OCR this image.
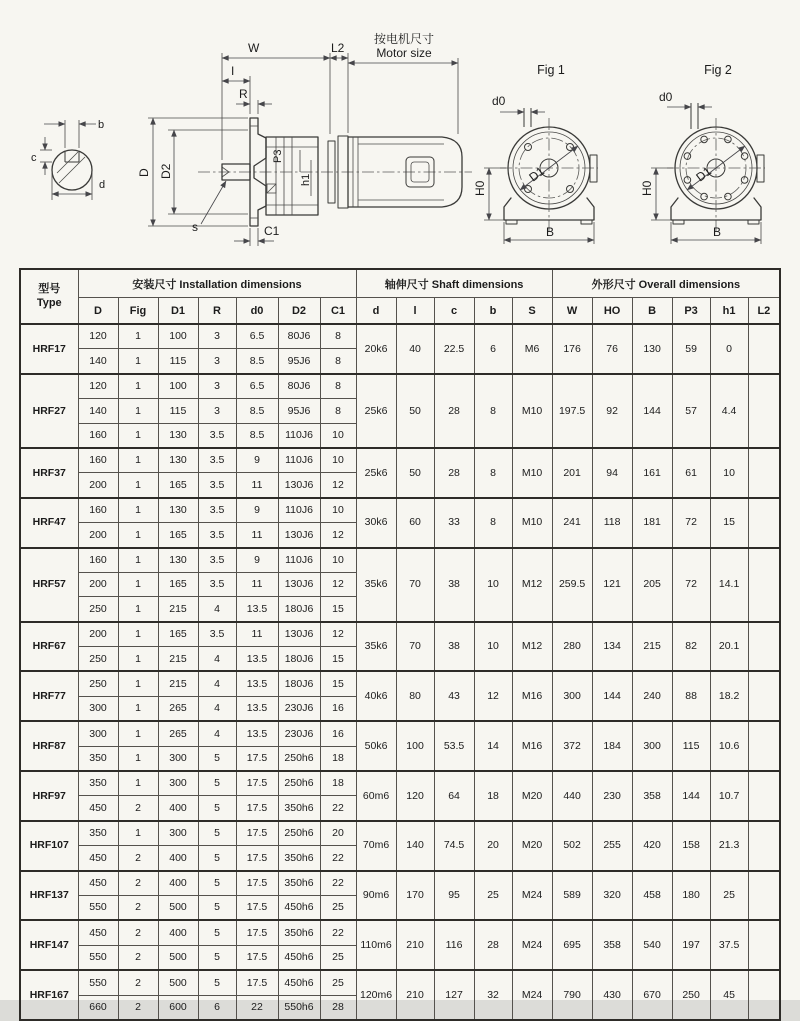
b
c
d
P3
h1
W
I
R
L2
按电机尺寸
Motor size
D D2
C1
s
Fig 1
D1
d0
H0
B
Fig 2
D1
d0
H0
B
型号
Type	安装尺寸 Installation dimensions							轴伸尺寸 Shaft dimensions					外形尺寸 Overall dimensions					
	D	Fig	D1	R	d0	D2	C1	d	l	c	b	S	W	HO	B	P3	h1	L2
HRF17	120	1	100	3	6.5	80J6	8	20k6	40	22.5	6	M6	176	76	130	59	0	
	140	1	115	3	8.5	95J6	8											
HRF27	120	1	100	3	6.5	80J6	8	25k6	50	28	8	M10	197.5	92	144	57	4.4	
	140	1	115	3	8.5	95J6	8											
	160	1	130	3.5	8.5	110J6	10											
HRF37	160	1	130	3.5	9	110J6	10	25k6	50	28	8	M10	201	94	161	61	10	
	200	1	165	3.5	11	130J6	12											
HRF47	160	1	130	3.5	9	110J6	10	30k6	60	33	8	M10	241	118	181	72	15	
	200	1	165	3.5	11	130J6	12											
HRF57	160	1	130	3.5	9	110J6	10	35k6	70	38	10	M12	259.5	121	205	72	14.1	
	200	1	165	3.5	11	130J6	12											
	250	1	215	4	13.5	180J6	15											
HRF67	200	1	165	3.5	11	130J6	12	35k6	70	38	10	M12	280	134	215	82	20.1	
	250	1	215	4	13.5	180J6	15											
HRF77	250	1	215	4	13.5	180J6	15	40k6	80	43	12	M16	300	144	240	88	18.2	
	300	1	265	4	13.5	230J6	16											
HRF87	300	1	265	4	13.5	230J6	16	50k6	100	53.5	14	M16	372	184	300	115	10.6	
	350	1	300	5	17.5	250h6	18											
HRF97	350	1	300	5	17.5	250h6	18	60m6	120	64	18	M20	440	230	358	144	10.7	
	450	2	400	5	17.5	350h6	22											
HRF107	350	1	300	5	17.5	250h6	20	70m6	140	74.5	20	M20	502	255	420	158	21.3	
	450	2	400	5	17.5	350h6	22											
HRF137	450	2	400	5	17.5	350h6	22	90m6	170	95	25	M24	589	320	458	180	25	
	550	2	500	5	17.5	450h6	25											
HRF147	450	2	400	5	17.5	350h6	22	110m6	210	116	28	M24	695	358	540	197	37.5	
	550	2	500	5	17.5	450h6	25											
HRF167	550	2	500	5	17.5	450h6	25	120m6	210	127	32	M24	790	430	670	250	45	
	660	2	600	6	22	550h6	28											
